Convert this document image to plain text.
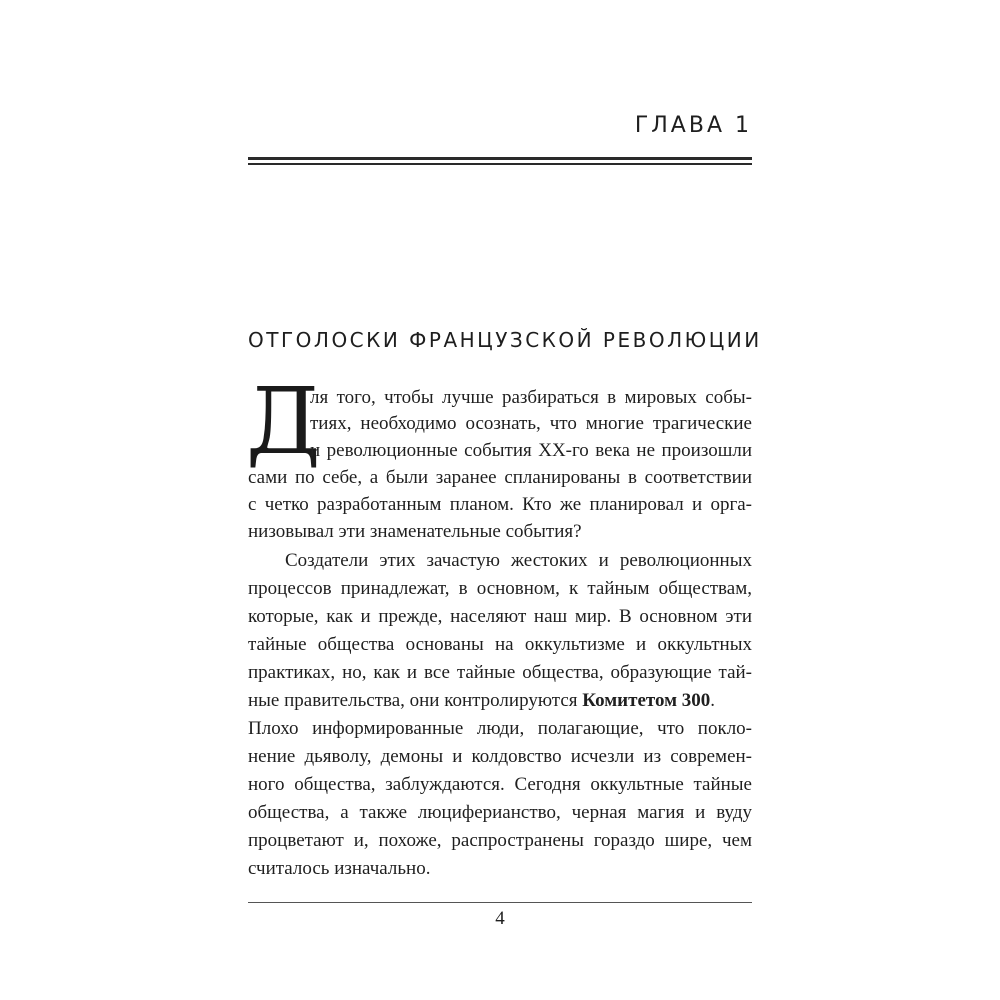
ГЛАВА 1
ОТГОЛОСКИ ФРАНЦУЗСКОЙ РЕВОЛЮЦИИ
Д
ля того, чтобы лучше разбираться в мировых собы-
тиях, необходимо осознать, что многие трагические
и революционные события XX-го века не произошли
сами по себе, а были заранее спланированы в соответствии
с четко разработанным планом. Кто же планировал и орга-
низовывал эти знаменательные события?
Создатели этих зачастую жестоких и революционных
процессов принадлежат, в основном, к тайным обществам,
которые, как и прежде, населяют наш мир. В основном эти
тайные общества основаны на оккультизме и оккультных
практиках, но, как и все тайные общества, образующие тай-
ные правительства, они контролируются Комитетом 300.
Плохо информированные люди, полагающие, что покло-
нение дьяволу, демоны и колдовство исчезли из современ-
ного общества, заблуждаются. Сегодня оккультные тайные
общества, а также люциферианство, черная магия и вуду
процветают и, похоже, распространены гораздо шире, чем
считалось изначально.
4
